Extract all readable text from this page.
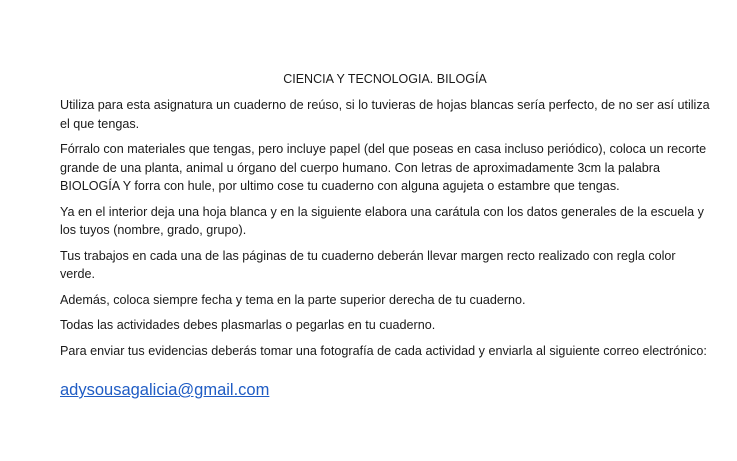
CIENCIA Y TECNOLOGIA. BILOGÍA

Utiliza para esta asignatura un cuaderno de reúso, si lo tuvieras de hojas blancas sería perfecto, de no ser así utiliza el que tengas.

Fórralo con materiales que tengas, pero incluye papel (del que poseas en casa incluso periódico), coloca un recorte grande de una planta, animal u órgano del cuerpo humano. Con letras de aproximadamente 3cm la palabra BIOLOGÍA Y forra con hule, por ultimo cose tu cuaderno con alguna agujeta o estambre que tengas.

Ya en el interior deja una hoja blanca y en la siguiente elabora una carátula con los datos generales de la escuela y los tuyos (nombre, grado, grupo).

Tus trabajos en cada una de las páginas de tu cuaderno deberán llevar margen recto realizado con regla color verde.

Además, coloca siempre fecha y tema en la parte superior derecha de tu cuaderno.

Todas las actividades debes plasmarlas o pegarlas en tu cuaderno.

Para enviar tus evidencias deberás tomar una fotografía de cada actividad y enviarla al siguiente correo electrónico:

adysousagalicia@gmail.com
